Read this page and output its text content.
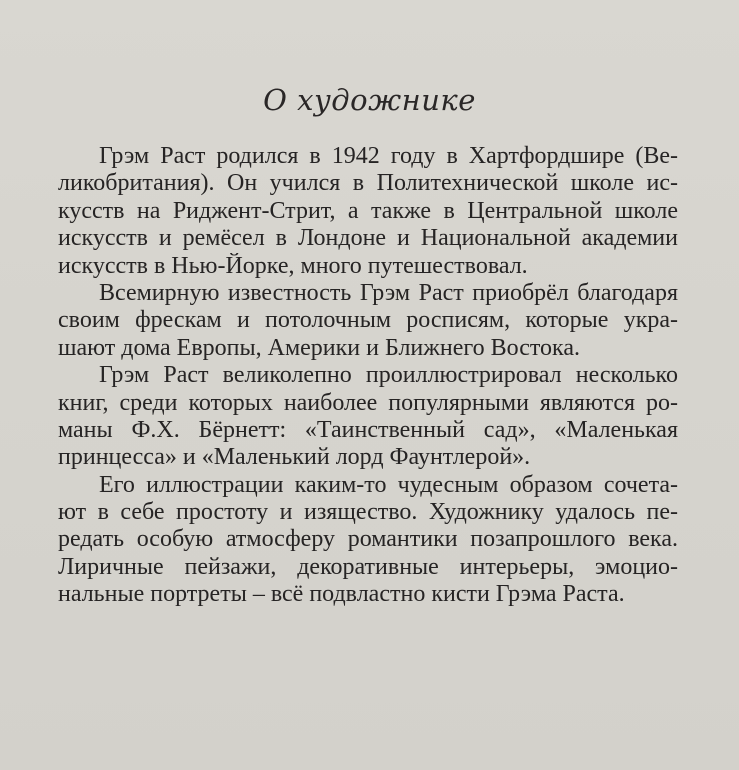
О художнике
Грэм Раст родился в 1942 году в Хартфордшире (Ве-
ликобритания). Он учился в Политехнической школе ис-
кусств на Риджент-Стрит, а также в Центральной школе
искусств и ремёсел в Лондоне и Национальной академии
искусств в Нью-Йорке, много путешествовал.
Всемирную известность Грэм Раст приобрёл благодаря
своим фрескам и потолочным росписям, которые укра-
шают дома Европы, Америки и Ближнего Востока.
Грэм Раст великолепно проиллюстрировал несколько
книг, среди которых наиболее популярными являются ро-
маны Ф.Х. Бёрнетт: «Таинственный сад», «Маленькая
принцесса» и «Маленький лорд Фаунтлерой».
Его иллюстрации каким-то чудесным образом сочета-
ют в себе простоту и изящество. Художнику удалось пе-
редать особую атмосферу романтики позапрошлого века.
Лиричные пейзажи, декоративные интерьеры, эмоцио-
нальные портреты – всё подвластно кисти Грэма Раста.
